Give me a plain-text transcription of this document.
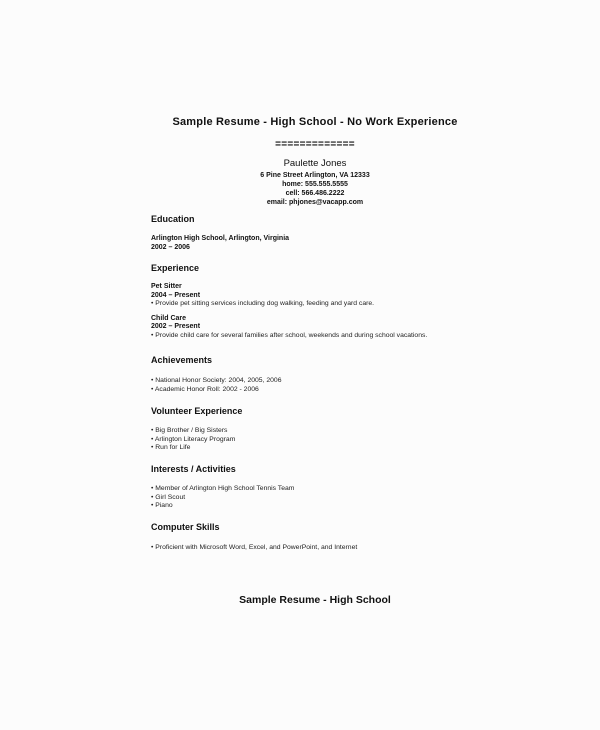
Sample Resume - High School - No Work Experience
=============
Paulette Jones
6 Pine Street Arlington, VA 12333
home: 555.555.5555
cell: 566.486.2222
email: phjones@vacapp.com
Education
Arlington High School, Arlington, Virginia
2002 – 2006
Experience
Pet Sitter
2004 – Present
• Provide pet sitting services including dog walking, feeding and yard care.
Child Care
2002 – Present
• Provide child care for several families after school, weekends and during school vacations.
Achievements
• National Honor Society: 2004, 2005, 2006
• Academic Honor Roll: 2002 - 2006
Volunteer Experience
• Big Brother / Big Sisters
• Arlington Literacy Program
• Run for Life
Interests / Activities
• Member of Arlington High School Tennis Team
• Girl Scout
• Piano
Computer Skills
• Proficient with Microsoft Word, Excel, and PowerPoint, and Internet
Sample Resume - High School
